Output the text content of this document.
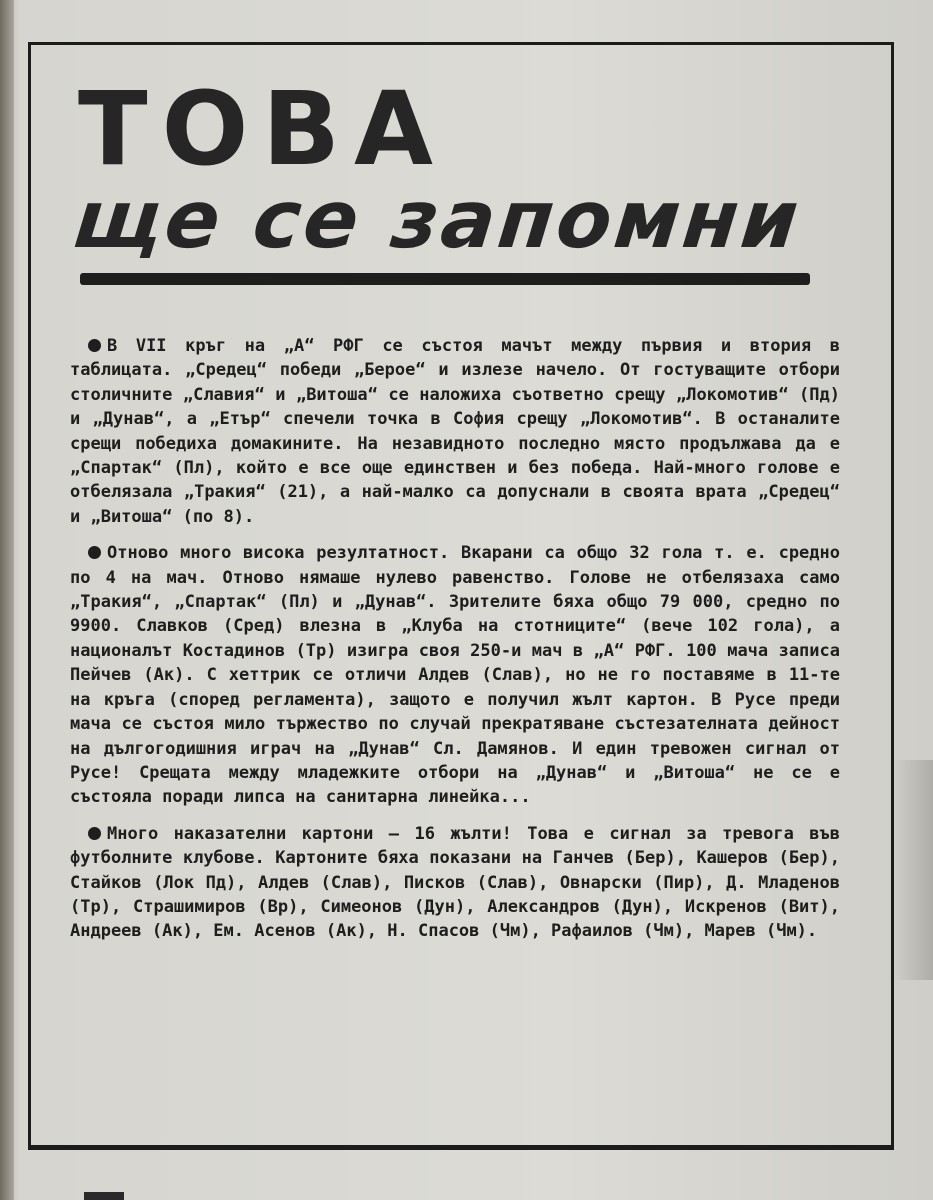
ТОВА
ще се запомни

В VII кръг на „А“ РФГ се състоя мачът между първия и втория в таблицата. „Средец“ победи „Берое“ и излезе начело. От гостуващите отбори столичните „Славия“ и „Витоша“ се наложиха съответно срещу „Локомотив“ (Пд) и „Дунав“, а „Етър“ спечели точка в София срещу „Локомотив“. В останалите срещи победиха домакините. На незавидното последно място продължава да е „Спартак“ (Пл), който е все още единствен и без победа. Най-много голове е отбелязала „Тракия“ (21), а най-малко са допуснали в своята врата „Средец“ и „Витоша“ (по 8).

Отново много висока резултатност. Вкарани са общо 32 гола т. е. средно по 4 на мач. Отново нямаше нулево равенство. Голове не отбелязаха само „Тракия“, „Спартак“ (Пл) и „Дунав“. Зрителите бяха общо 79 000, средно по 9900. Славков (Сред) влезна в „Клуба на стотниците“ (вече 102 гола), а националът Костадинов (Тр) изигра своя 250-и мач в „А“ РФГ. 100 мача записа Пейчев (Ак). С хеттрик се отличи Алдев (Слав), но не го поставяме в 11-те на кръга (според регламента), защото е получил жълт картон. В Русе преди мача се състоя мило тържество по случай прекратяване състезателната дейност на дългогодишния играч на „Дунав“ Сл. Дамянов. И един тревожен сигнал от Русе! Срещата между младежките отбори на „Дунав“ и „Витоша“ не се е състояла поради липса на санитарна линейка...

Много наказателни картони — 16 жълти! Това е сигнал за тревога във футболните клубове. Картоните бяха показани на Ганчев (Бер), Кашеров (Бер), Стайков (Лок Пд), Алдев (Слав), Писков (Слав), Овнарски (Пир), Д. Младенов (Тр), Страшимиров (Вр), Симеонов (Дун), Александров (Дун), Искренов (Вит), Андреев (Ак), Ем. Асенов (Ак), Н. Спасов (Чм), Рафаилов (Чм), Марев (Чм).
